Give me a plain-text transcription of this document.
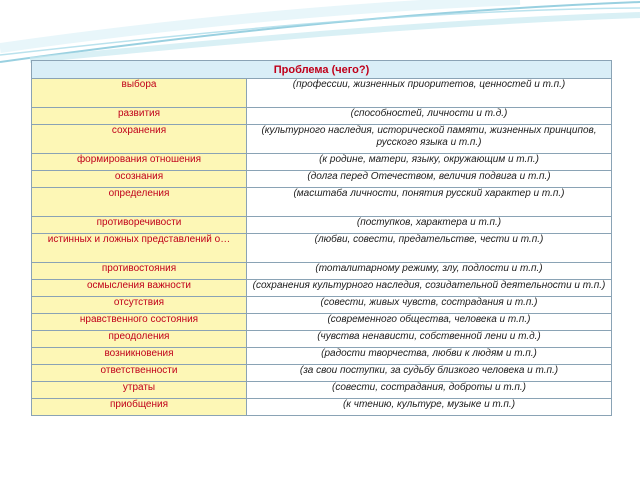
Проблема (чего?)	
выбора	(профессии, жизненных приоритетов, ценностей и т.п.)
развития	(способностей, личности и т.д.)
сохранения	(культурного наследия, исторической памяти, жизненных принципов, русского языка и т.п.)
формирования отношения	(к родине, матери, языку, окружающим и т.п.)
осознания	(долга перед Отечеством, величия подвига и т.п.)
определения	(масштаба личности, понятия русский характер и т.п.)
противоречивости	(поступков, характера и т.п.)
истинных и ложных представлений о…	(любви, совести, предательстве, чести и т.п.)
противостояния	(тоталитарному режиму, злу, подлости и т.п.)
осмысления важности	(сохранения культурного наследия, созидательной деятельности и т.п.)
отсутствия	(совести, живых чувств, сострадания и т.п.)
нравственного состояния	(современного общества, человека и т.п.)
преодоления	(чувства ненависти, собственной лени и т.д.)
возникновения	(радости творчества, любви к людям и т.п.)
ответственности	(за свои поступки, за судьбу близкого человека и т.п.)
утраты	(совести, сострадания, доброты и т.п.)
приобщения	(к чтению, культуре, музыке и т.п.)
